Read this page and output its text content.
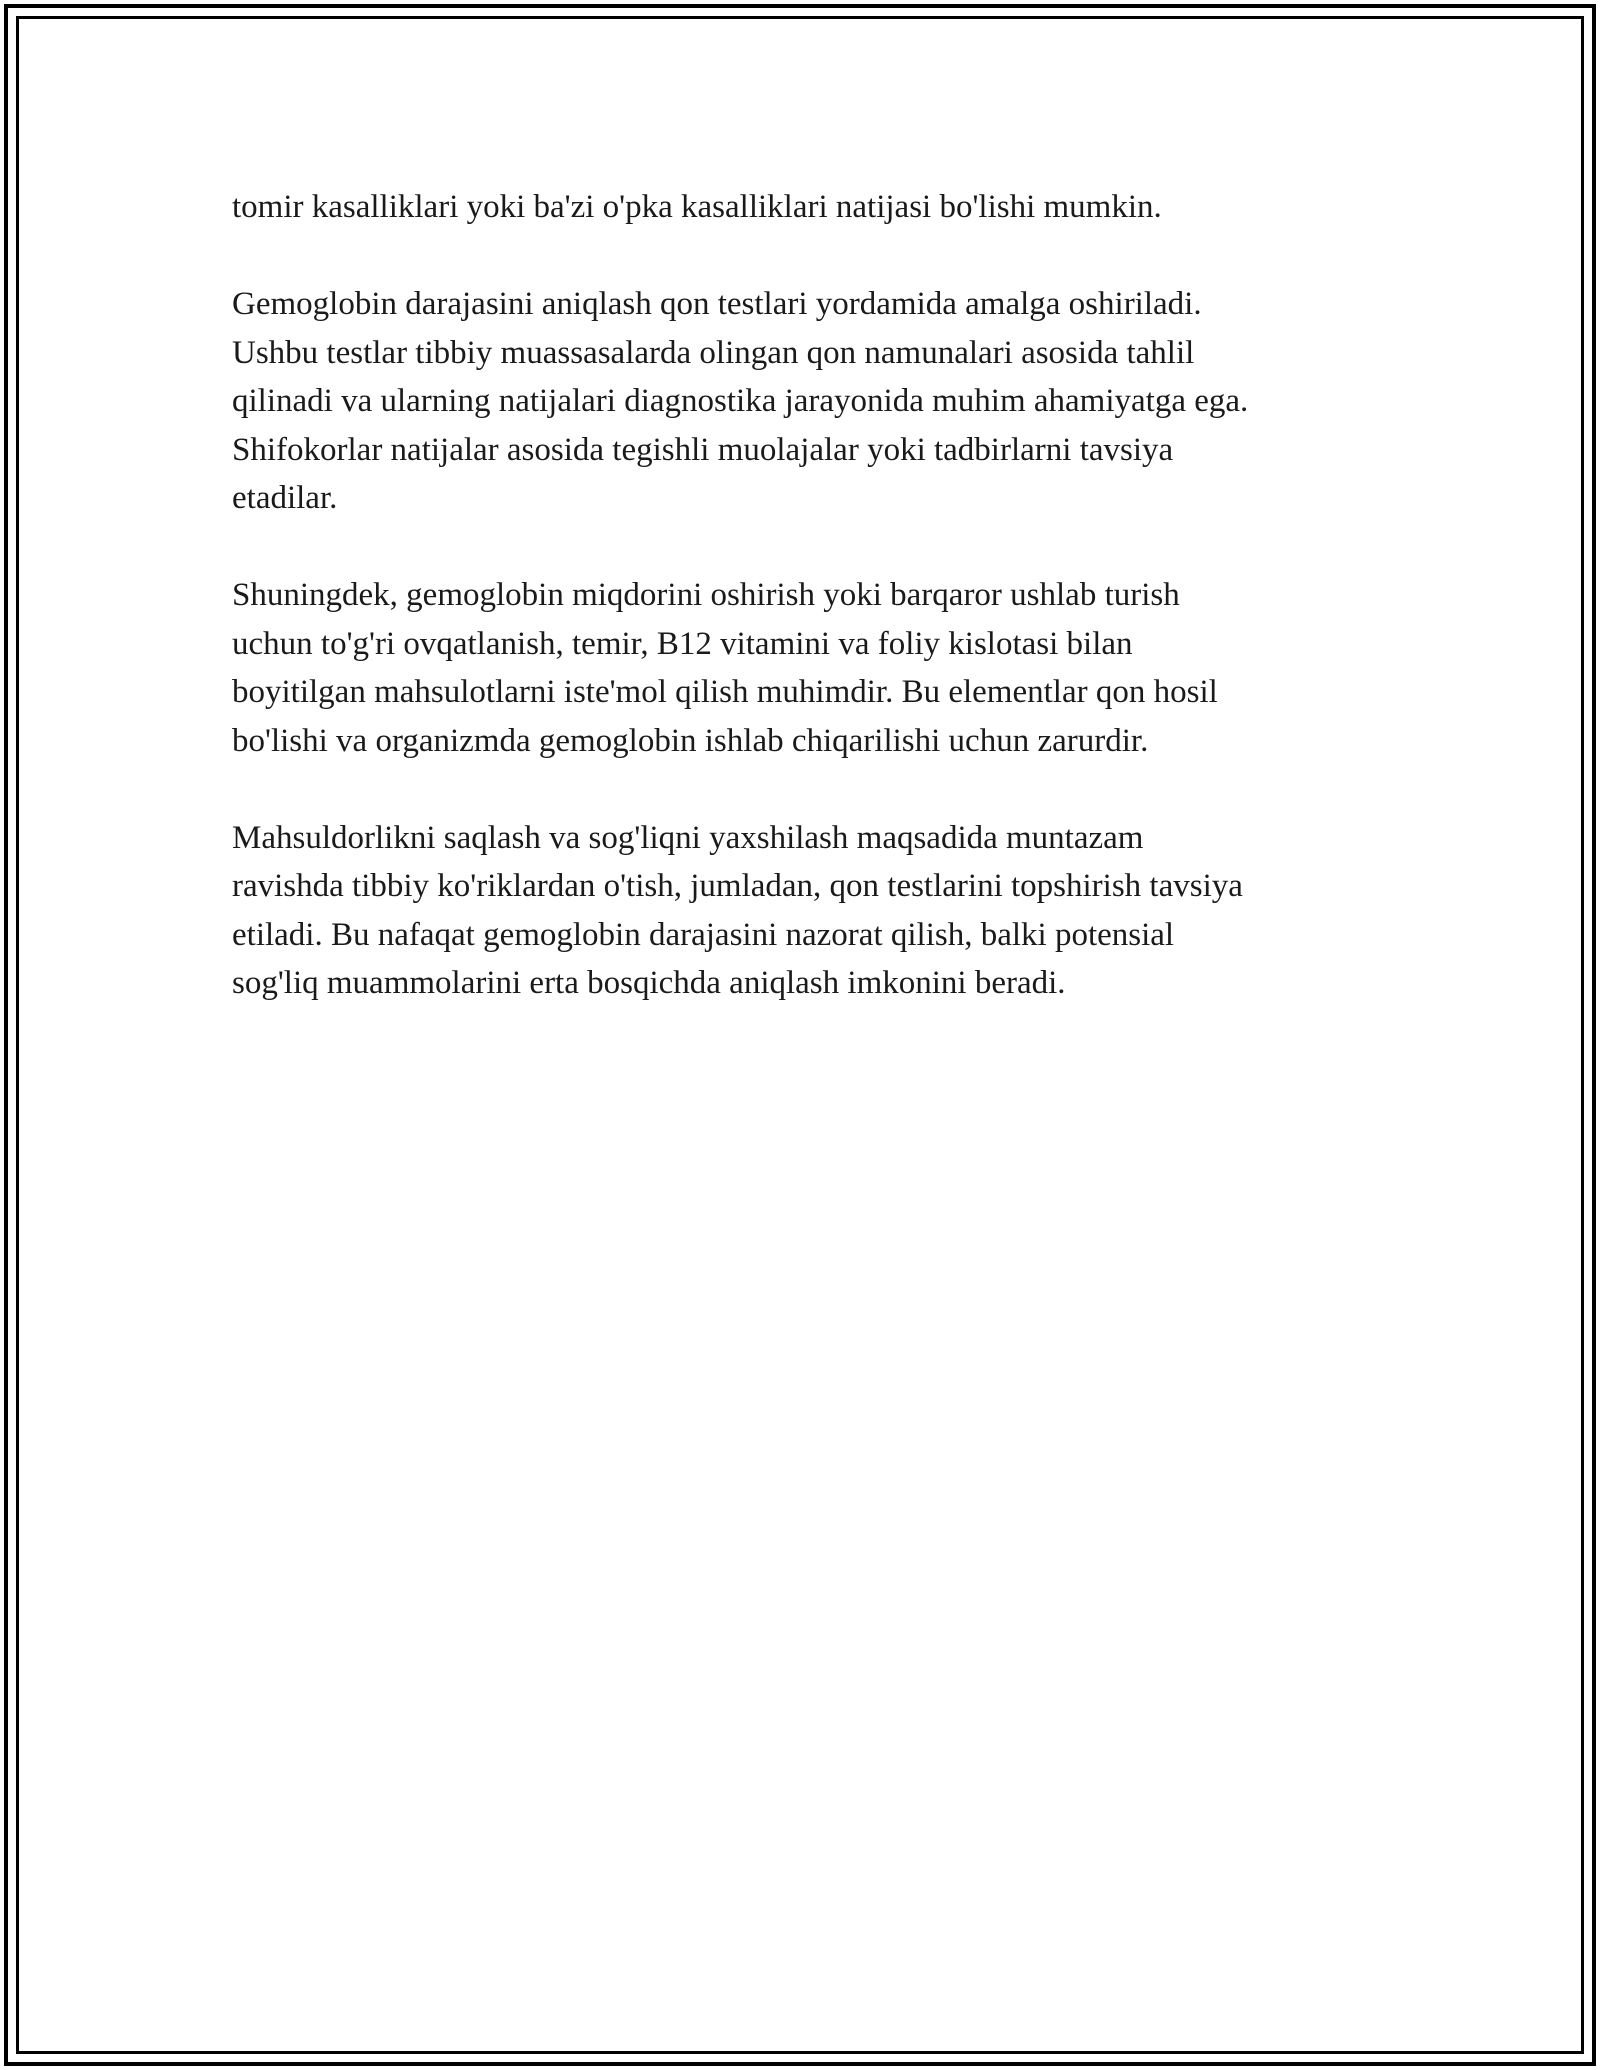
tomir kasalliklari yoki ba'zi o'pka kasalliklari natijasi bo'lishi mumkin.

Gemoglobin darajasini aniqlash qon testlari yordamida amalga oshiriladi.
Ushbu testlar tibbiy muassasalarda olingan qon namunalari asosida tahlil
qilinadi va ularning natijalari diagnostika jarayonida muhim ahamiyatga ega.
Shifokorlar natijalar asosida tegishli muolajalar yoki tadbirlarni tavsiya
etadilar.

Shuningdek, gemoglobin miqdorini oshirish yoki barqaror ushlab turish
uchun to'g'ri ovqatlanish, temir, B12 vitamini va foliy kislotasi bilan
boyitilgan mahsulotlarni iste'mol qilish muhimdir. Bu elementlar qon hosil
bo'lishi va organizmda gemoglobin ishlab chiqarilishi uchun zarurdir.

Mahsuldorlikni saqlash va sog'liqni yaxshilash maqsadida muntazam
ravishda tibbiy ko'riklardan o'tish, jumladan, qon testlarini topshirish tavsiya
etiladi. Bu nafaqat gemoglobin darajasini nazorat qilish, balki potensial
sog'liq muammolarini erta bosqichda aniqlash imkonini beradi.
